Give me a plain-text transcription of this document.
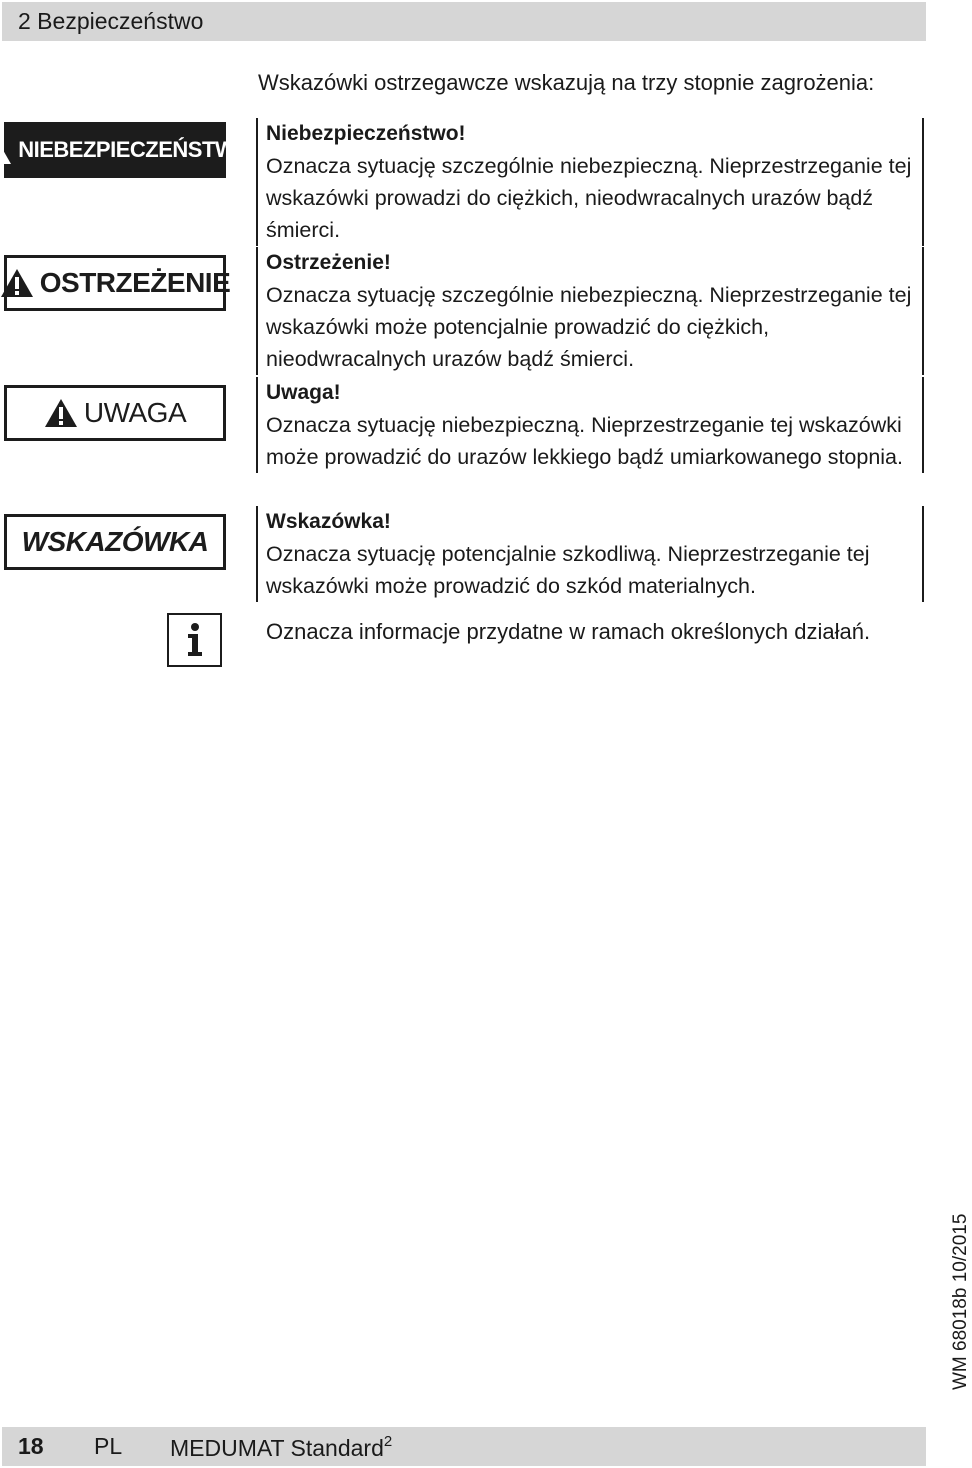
2 Bezpieczeństwo
Wskazówki ostrzegawcze wskazują na trzy stopnie zagrożenia:
NIEBEZPIECZEŃSTWO
OSTRZEŻENIE
UWAGA
WSKAZÓWKA
Niebezpieczeństwo!
Oznacza sytuację szczególnie niebezpieczną. Nieprzestrzeganie tej wskazówki prowadzi do ciężkich, nieodwracalnych urazów bądź śmierci.
Ostrzeżenie!
Oznacza sytuację szczególnie niebezpieczną. Nieprzestrzeganie tej wskazówki może potencjalnie prowadzić do ciężkich, nieodwracalnych urazów bądź śmierci.
Uwaga!
Oznacza sytuację niebezpieczną. Nieprzestrzeganie tej wskazówki może prowadzić do urazów lekkiego bądź umiarkowanego stopnia.
Wskazówka!
Oznacza sytuację potencjalnie szkodliwą. Nieprzestrzeganie tej wskazówki może prowadzić do szkód materialnych.
Oznacza informacje przydatne w ramach określonych działań.
WM 68018b 10/2015
18 PL MEDUMAT Standard$^2$
